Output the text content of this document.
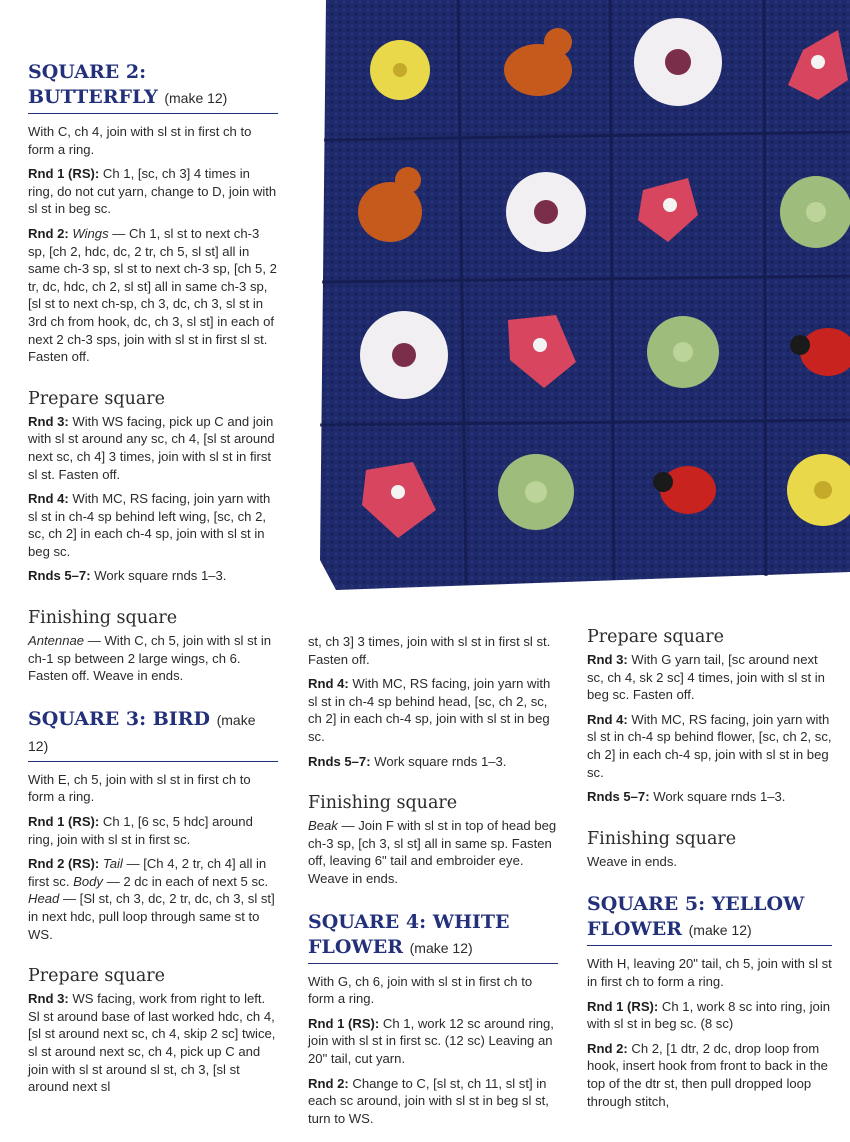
SQUARE 2:
BUTTERFLY (make 12)

With C, ch 4, join with sl st in first ch to form a ring.

Rnd 1 (RS): Ch 1, [sc, ch 3] 4 times in ring, do not cut yarn, change to D, join with sl st in beg sc.

Rnd 2: Wings — Ch 1, sl st to next ch-3 sp, [ch 2, hdc, dc, 2 tr, ch 5, sl st] all in same ch-3 sp, sl st to next ch-3 sp, [ch 5, 2 tr, dc, hdc, ch 2, sl st] all in same ch-3 sp, [sl st to next ch-sp, ch 3, dc, ch 3, sl st in 3rd ch from hook, dc, ch 3, sl st] in each of next 2 ch-3 sps, join with sl st in first sl st. Fasten off.

Prepare square

Rnd 3: With WS facing, pick up C and join with sl st around any sc, ch 4, [sl st around next sc, ch 4] 3 times, join with sl st in first sl st. Fasten off.

Rnd 4: With MC, RS facing, join yarn with sl st in ch-4 sp behind left wing, [sc, ch 2, sc, ch 2] in each ch-4 sp, join with sl st in beg sc.

Rnds 5–7: Work square rnds 1–3.

Finishing square

Antennae — With C, ch 5, join with sl st in ch-1 sp between 2 large wings, ch 6. Fasten off. Weave in ends.

SQUARE 3: BIRD (make 12)

With E, ch 5, join with sl st in first ch to form a ring.

Rnd 1 (RS): Ch 1, [6 sc, 5 hdc] around ring, join with sl st in first sc.

Rnd 2 (RS): Tail — [Ch 4, 2 tr, ch 4] all in first sc. Body — 2 dc in each of next 5 sc. Head — [Sl st, ch 3, dc, 2 tr, dc, ch 3, sl st] in next hdc, pull loop through same st to WS.

Prepare square

Rnd 3: WS facing, work from right to left. Sl st around base of last worked hdc, ch 4, [sl st around next sc, ch 4, skip 2 sc] twice, sl st around next sc, ch 4, pick up C and join with sl st around sl st, ch 3, [sl st around next sl

st, ch 3] 3 times, join with sl st in first sl st. Fasten off.

Rnd 4: With MC, RS facing, join yarn with sl st in ch-4 sp behind head, [sc, ch 2, sc, ch 2] in each ch-4 sp, join with sl st in beg sc.

Rnds 5–7: Work square rnds 1–3.

Finishing square

Beak — Join F with sl st in top of head beg ch-3 sp, [ch 3, sl st] all in same sp. Fasten off, leaving 6" tail and embroider eye. Weave in ends.

SQUARE 4: WHITE
FLOWER (make 12)

With G, ch 6, join with sl st in first ch to form a ring.

Rnd 1 (RS): Ch 1, work 12 sc around ring, join with sl st in first sc. (12 sc) Leaving an 20" tail, cut yarn.

Rnd 2: Change to C, [sl st, ch 11, sl st] in each sc around, join with sl st in beg sl st, turn to WS.

Prepare square

Rnd 3: With G yarn tail, [sc around next sc, ch 4, sk 2 sc] 4 times, join with sl st in beg sc. Fasten off.

Rnd 4: With MC, RS facing, join yarn with sl st in ch-4 sp behind flower, [sc, ch 2, sc, ch 2] in each ch-4 sp, join with sl st in beg sc.

Rnds 5–7: Work square rnds 1–3.

Finishing square

Weave in ends.

SQUARE 5: YELLOW
FLOWER (make 12)

With H, leaving 20" tail, ch 5, join with sl st in first ch to form a ring.

Rnd 1 (RS): Ch 1, work 8 sc into ring, join with sl st in beg sc. (8 sc)

Rnd 2: Ch 2, [1 dtr, 2 dc, drop loop from hook, insert hook from front to back in the top of the dtr st, then pull dropped loop through stitch,
